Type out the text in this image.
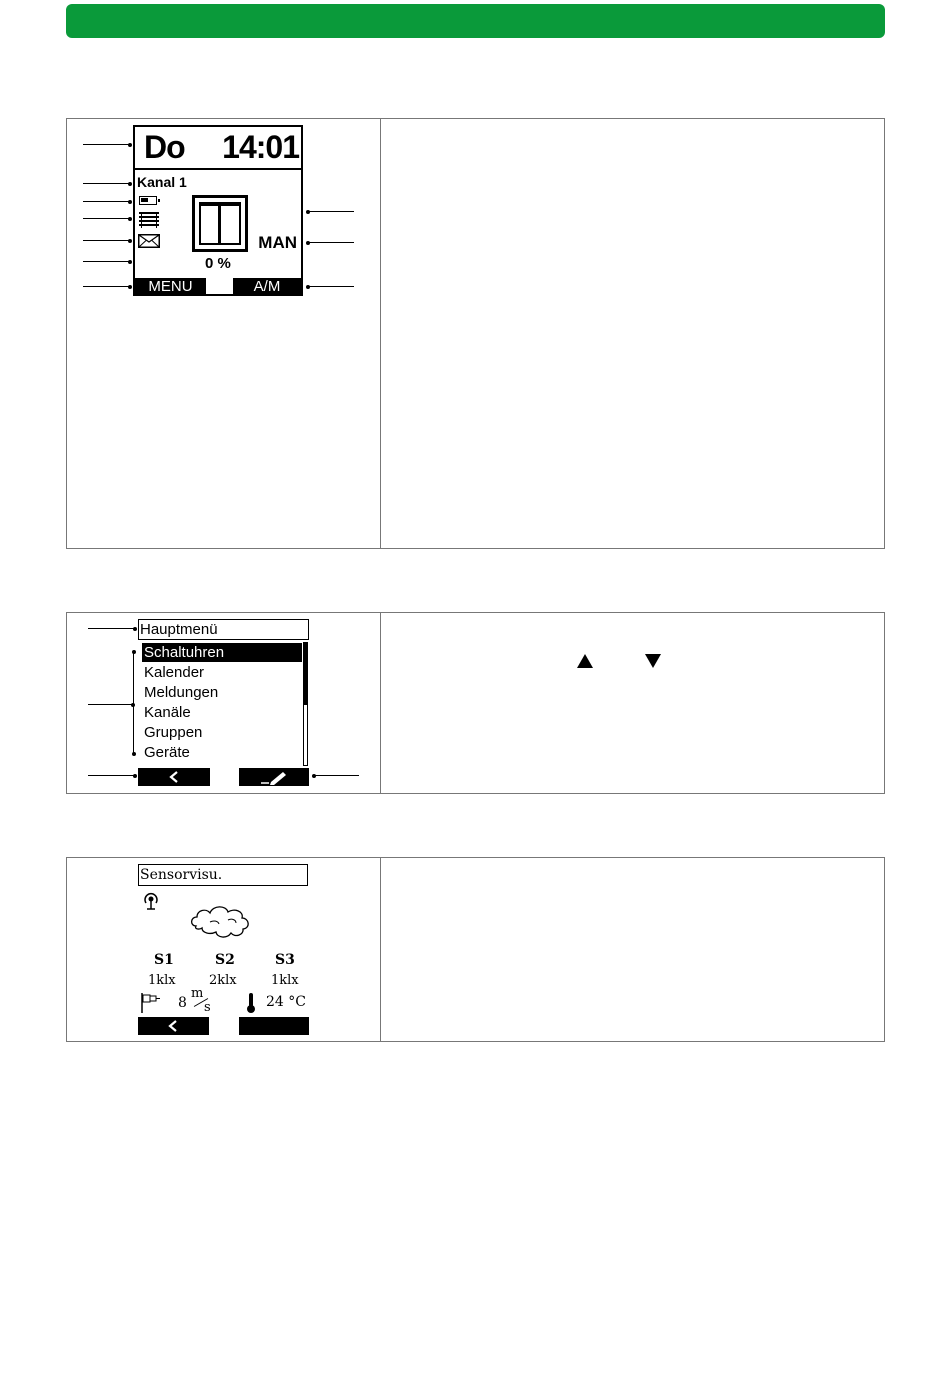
Do 14:01
Kanal 1
MAN
0 %
MENU	A/M
Hauptmenü
Schaltuhren
Kalender
Meldungen
Kanäle
Gruppen
Geräte
Sensorvisu.
S1	S2	S3
1klx	2klx	1klx
8
m
s	24 °C
